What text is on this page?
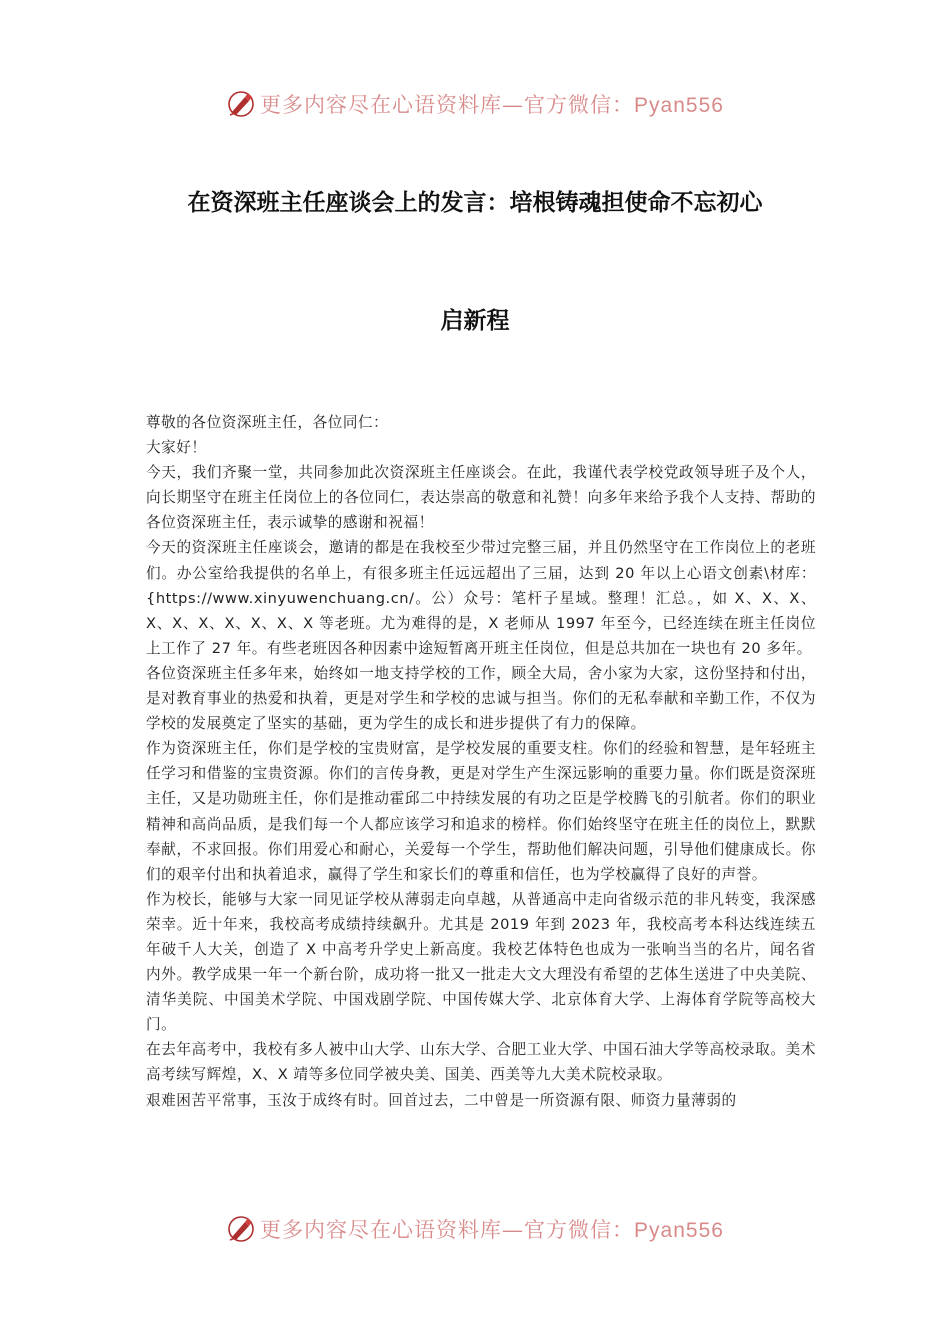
更多内容尽在心语资料库—官方微信：Pyan556
在资深班主任座谈会上的发言：培根铸魂担使命不忘初心
启新程

尊敬的各位资深班主任，各位同仁：

大家好！

今天，我们齐聚一堂，共同参加此次资深班主任座谈会。在此，我谨代表学校党政领导班子及个人，向长期坚守在班主任岗位上的各位同仁，表达崇高的敬意和礼赞！向多年来给予我个人支持、帮助的各位资深班主任，表示诚挚的感谢和祝福！

今天的资深班主任座谈会，邀请的都是在我校至少带过完整三届，并且仍然坚守在工作岗位上的老班们。办公室给我提供的名单上，有很多班主任远远超出了三届，达到 20 年以上心语文创素\材库：{https://www.xinyuwenchuang.cn/。公）众号：笔杆子星域。整理！汇总。，如 X、X、X、X、X、X、X、X、X、X 等老班。尤为难得的是，X 老师从 1997 年至今，已经连续在班主任岗位上工作了 27 年。有些老班因各种因素中途短暂离开班主任岗位，但是总共加在一块也有 20 多年。

各位资深班主任多年来，始终如一地支持学校的工作，顾全大局，舍小家为大家，这份坚持和付出，是对教育事业的热爱和执着，更是对学生和学校的忠诚与担当。你们的无私奉献和辛勤工作，不仅为学校的发展奠定了坚实的基础，更为学生的成长和进步提供了有力的保障。

作为资深班主任，你们是学校的宝贵财富，是学校发展的重要支柱。你们的经验和智慧，是年轻班主任学习和借鉴的宝贵资源。你们的言传身教，更是对学生产生深远影响的重要力量。你们既是资深班主任，又是功勋班主任，你们是推动霍邱二中持续发展的有功之臣是学校腾飞的引航者。你们的职业精神和高尚品质，是我们每一个人都应该学习和追求的榜样。你们始终坚守在班主任的岗位上，默默奉献，不求回报。你们用爱心和耐心，关爱每一个学生，帮助他们解决问题，引导他们健康成长。你们的艰辛付出和执着追求，赢得了学生和家长们的尊重和信任，也为学校赢得了良好的声誉。

作为校长，能够与大家一同见证学校从薄弱走向卓越，从普通高中走向省级示范的非凡转变，我深感荣幸。近十年来，我校高考成绩持续飙升。尤其是 2019 年到 2023 年，我校高考本科达线连续五年破千人大关，创造了 X 中高考升学史上新高度。我校艺体特色也成为一张响当当的名片，闻名省内外。教学成果一年一个新台阶，成功将一批又一批走大文大理没有希望的艺体生送进了中央美院、清华美院、中国美术学院、中国戏剧学院、中国传媒大学、北京体育大学、上海体育学院等高校大门。

在去年高考中，我校有多人被中山大学、山东大学、合肥工业大学、中国石油大学等高校录取。美术高考续写辉煌，X、X 靖等多位同学被央美、国美、西美等九大美术院校录取。

艰难困苦平常事，玉汝于成终有时。回首过去，二中曾是一所资源有限、师资力量薄弱的

更多内容尽在心语资料库—官方微信：Pyan556
